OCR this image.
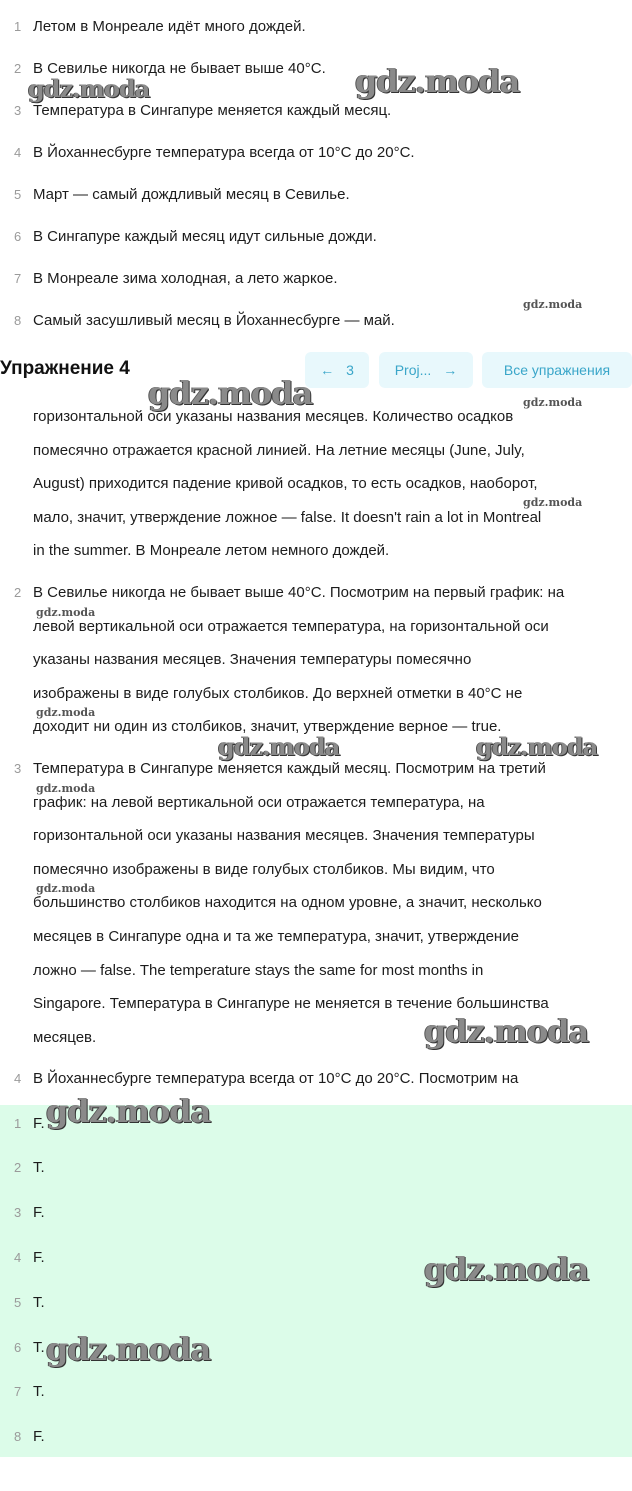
1 Летом в Монреале идёт много дождей.
2 В Севилье никогда не бывает выше 40°С.
3 Температура в Сингапуре меняется каждый месяц.
4 В Йоханнесбурге температура всегда от 10°С до 20°С.
5 Март — самый дождливый месяц в Севилье.
6 В Сингапуре каждый месяц идут сильные дожди.
7 В Монреале зима холодная, а лето жаркое.
8 Самый засушливый месяц в Йоханнесбурге — май.
Упражнение 4	← 3	Proj... →	Все упражнения
горизонтальной оси указаны названия месяцев. Количество осадков
помесячно отражается красной линией. На летние месяцы (June, July,
August) приходится падение кривой осадков, то есть осадков, наоборот,
мало, значит, утверждение ложное — false. It doesn't rain a lot in Montreal
in the summer. В Монреале летом немного дождей.
2 В Севилье никогда не бывает выше 40°С. Посмотрим на первый график: на
левой вертикальной оси отражается температура, на горизонтальной оси
указаны названия месяцев. Значения температуры помесячно
изображены в виде голубых столбиков. До верхней отметки в 40°С не
доходит ни один из столбиков, значит, утверждение верное — true.
3 Температура в Сингапуре меняется каждый месяц. Посмотрим на третий
график: на левой вертикальной оси отражается температура, на
горизонтальной оси указаны названия месяцев. Значения температуры
помесячно изображены в виде голубых столбиков. Мы видим, что
большинство столбиков находится на одном уровне, а значит, несколько
месяцев в Сингапуре одна и та же температура, значит, утверждение
ложно — false. The temperature stays the same for most months in
Singapore. Температура в Сингапуре не меняется в течение большинства
месяцев.
4 В Йоханнесбурге температура всегда от 10°С до 20°С. Посмотрим на
1 F.
2 T.
3 F.
4 F.
5 T.
6 T.
7 T.
8 F.
gdz.moda
gdz.moda
gdz.moda
gdz.moda	gdz.moda
gdz.moda
gdz.moda
gdz.moda
gdz.moda
gdz.moda
gdz.moda
gdz.moda
gdz.moda
gdz.moda
gdz.moda
gdz.moda
